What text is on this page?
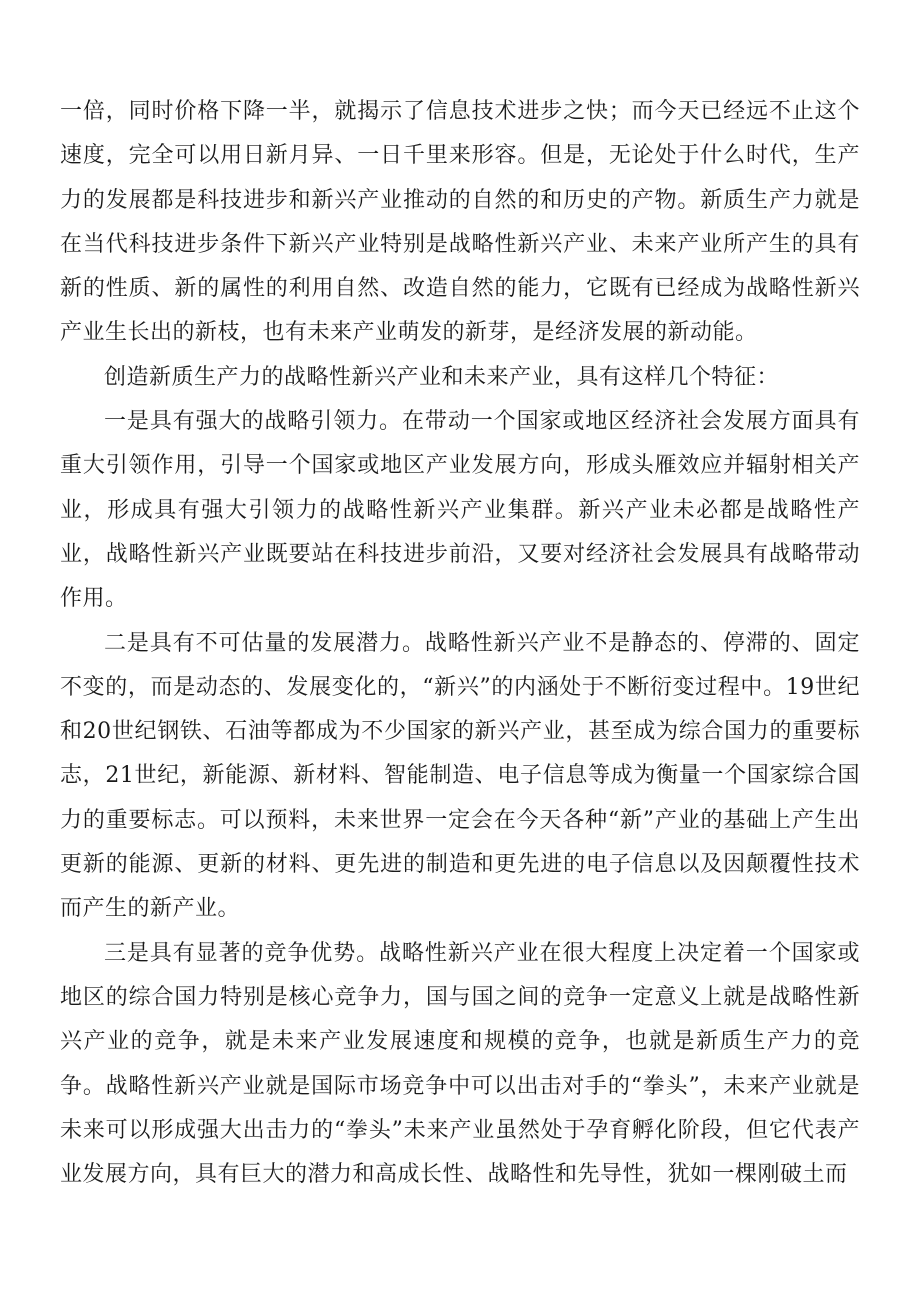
一倍，同时价格下降一半，就揭示了信息技术进步之快；而今天已经远不止这个速度，完全可以用日新月异、一日千里来形容。但是，无论处于什么时代，生产力的发展都是科技进步和新兴产业推动的自然的和历史的产物。新质生产力就是在当代科技进步条件下新兴产业特别是战略性新兴产业、未来产业所产生的具有新的性质、新的属性的利用自然、改造自然的能力，它既有已经成为战略性新兴产业生长出的新枝，也有未来产业萌发的新芽，是经济发展的新动能。

创造新质生产力的战略性新兴产业和未来产业，具有这样几个特征：

一是具有强大的战略引领力。在带动一个国家或地区经济社会发展方面具有重大引领作用，引导一个国家或地区产业发展方向，形成头雁效应并辐射相关产业，形成具有强大引领力的战略性新兴产业集群。新兴产业未必都是战略性产业，战略性新兴产业既要站在科技进步前沿，又要对经济社会发展具有战略带动作用。

二是具有不可估量的发展潜力。战略性新兴产业不是静态的、停滞的、固定不变的，而是动态的、发展变化的，“新兴”的内涵处于不断衍变过程中。19世纪和20世纪钢铁、石油等都成为不少国家的新兴产业，甚至成为综合国力的重要标志，21世纪，新能源、新材料、智能制造、电子信息等成为衡量一个国家综合国力的重要标志。可以预料，未来世界一定会在今天各种“新”产业的基础上产生出更新的能源、更新的材料、更先进的制造和更先进的电子信息以及因颠覆性技术而产生的新产业。

三是具有显著的竞争优势。战略性新兴产业在很大程度上决定着一个国家或地区的综合国力特别是核心竞争力，国与国之间的竞争一定意义上就是战略性新兴产业的竞争，就是未来产业发展速度和规模的竞争，也就是新质生产力的竞争。战略性新兴产业就是国际市场竞争中可以出击对手的“拳头”，未来产业就是未来可以形成强大出击力的“拳头”未来产业虽然处于孕育孵化阶段，但它代表产业发展方向，具有巨大的潜力和高成长性、战略性和先导性，犹如一棵刚破土而
